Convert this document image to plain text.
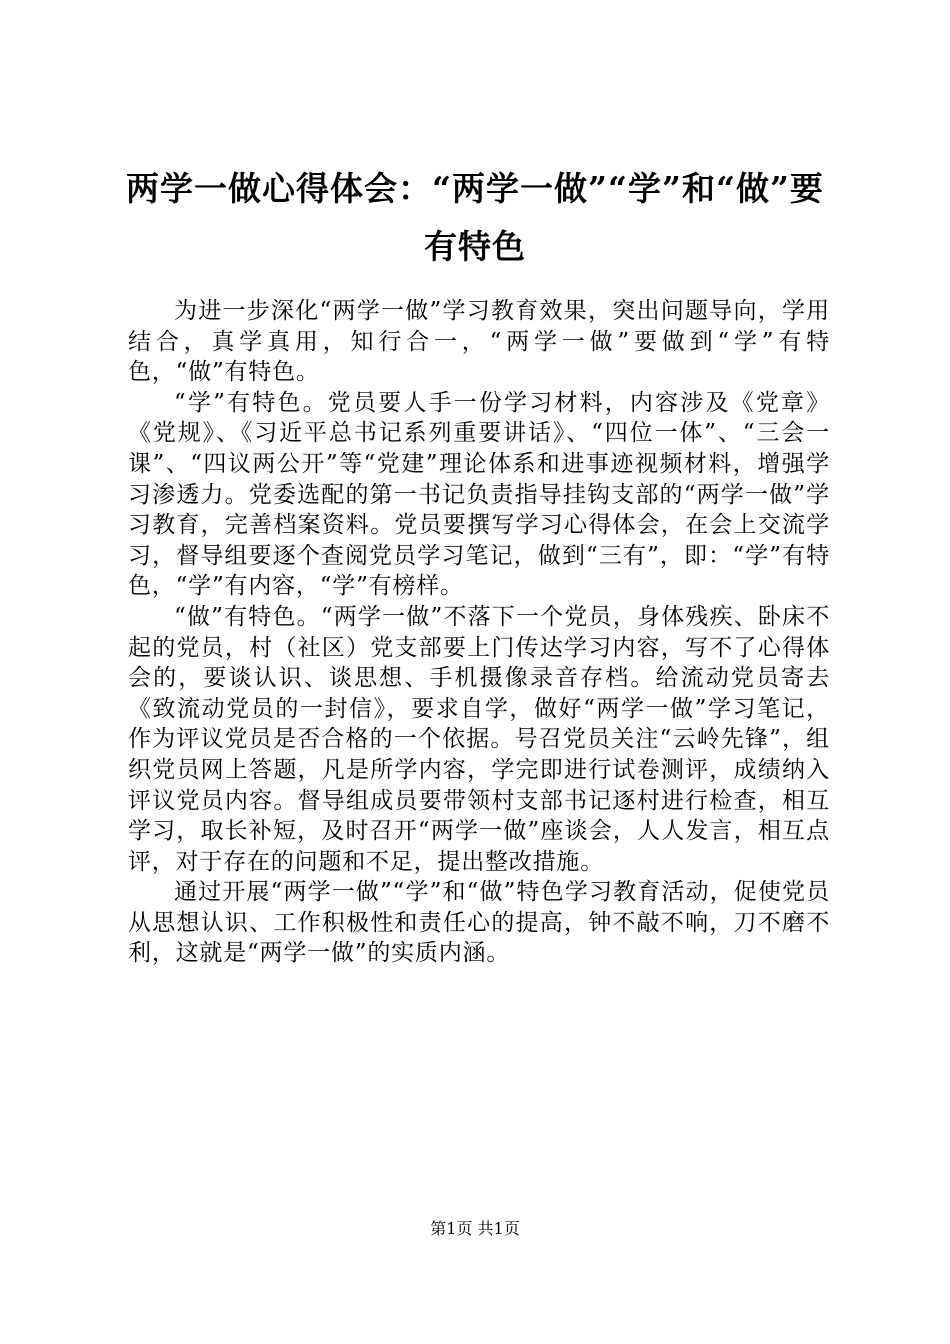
两学一做心得体会：“两学一做”“学”和“做”要有特色

为进一步深化“两学一做”学习教育效果，突出问题导向，学用结合，真学真用，知行合一，“两学一做”要做到“学”有特色，“做”有特色。

“学”有特色。党员要人手一份学习材料，内容涉及《党章》《党规》、《习近平总书记系列重要讲话》、“四位一体”、“三会一课”、“四议两公开”等“党建”理论体系和进事迹视频材料，增强学习渗透力。党委选配的第一书记负责指导挂钩支部的“两学一做”学习教育，完善档案资料。党员要撰写学习心得体会，在会上交流学习，督导组要逐个查阅党员学习笔记，做到“三有”，即：“学”有特色，“学”有内容，“学”有榜样。

“做”有特色。“两学一做”不落下一个党员，身体残疾、卧床不起的党员，村（社区）党支部要上门传达学习内容，写不了心得体会的，要谈认识、谈思想、手机摄像录音存档。给流动党员寄去《致流动党员的一封信》，要求自学，做好“两学一做”学习笔记，作为评议党员是否合格的一个依据。号召党员关注“云岭先锋”，组织党员网上答题，凡是所学内容，学完即进行试卷测评，成绩纳入评议党员内容。督导组成员要带领村支部书记逐村进行检查，相互学习，取长补短，及时召开“两学一做”座谈会，人人发言，相互点评，对于存在的问题和不足，提出整改措施。

通过开展“两学一做”“学”和“做”特色学习教育活动，促使党员从思想认识、工作积极性和责任心的提高，钟不敲不响，刀不磨不利，这就是“两学一做”的实质内涵。

第1页 共1页
